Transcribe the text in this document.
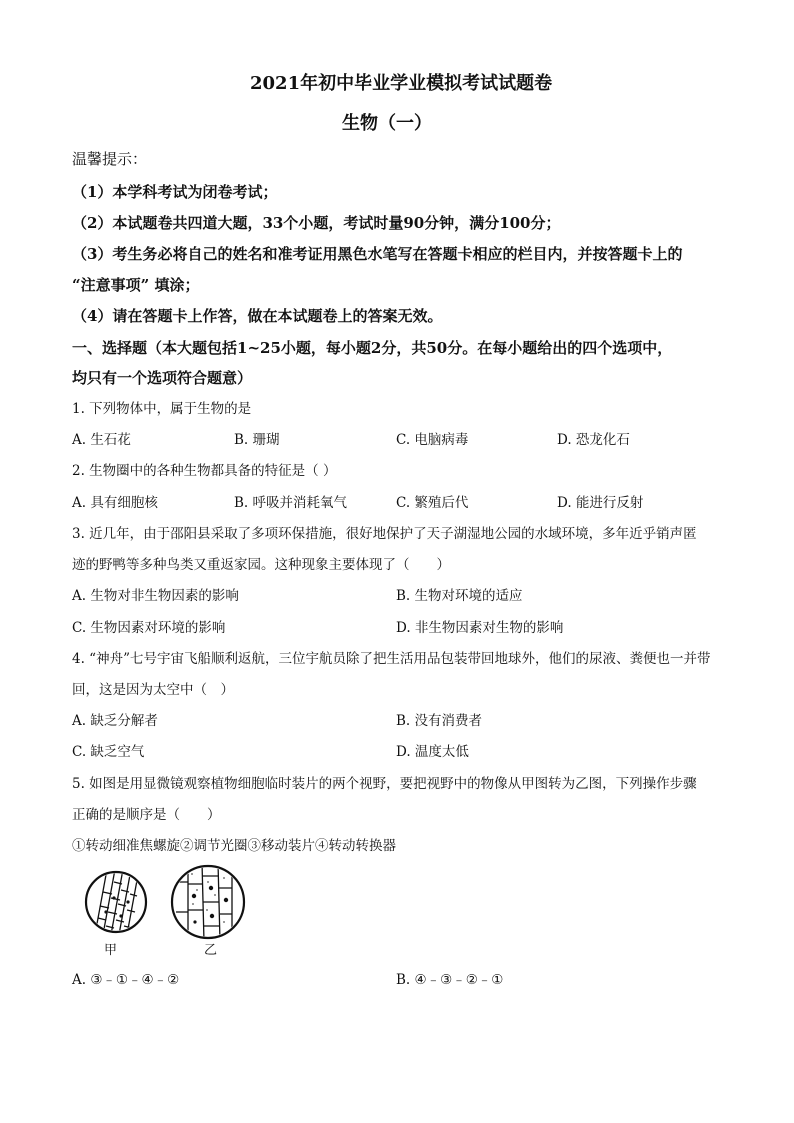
2021年初中毕业学业模拟考试试题卷
生物（一）
温馨提示：
（1）本学科考试为闭卷考试；
（2）本试题卷共四道大题，33个小题，考试时量90分钟，满分100分；
（3）考生务必将自己的姓名和准考证用黑色水笔写在答题卡相应的栏目内，并按答题卡上的
“注意事项” 填涂；
（4）请在答题卡上作答，做在本试题卷上的答案无效。
一、选择题（本大题包括1~25小题，每小题2分，共50分。在每小题给出的四个选项中，
均只有一个选项符合题意）
1. 下列物体中，属于生物的是
A. 生石花	B. 珊瑚	C. 电脑病毒	D. 恐龙化石
2. 生物圈中的各种生物都具备的特征是（ ）
A. 具有细胞核	B. 呼吸并消耗氧气	C. 繁殖后代	D. 能进行反射
3. 近几年，由于邵阳县采取了多项环保措施，很好地保护了天子湖湿地公园的水域环境，多年近乎销声匿
迹的野鸭等多种鸟类又重返家园。这种现象主要体现了（　　）
A. 生物对非生物因素的影响	B. 生物对环境的适应
C. 生物因素对环境的影响	D. 非生物因素对生物的影响
4. “神舟”七号宇宙飞船顺利返航，三位宇航员除了把生活用品包装带回地球外，他们的尿液、粪便也一并带
回，这是因为太空中（　）
A. 缺乏分解者	B. 没有消费者
C. 缺乏空气	D. 温度太低
5. 如图是用显微镜观察植物细胞临时装片的两个视野，要把视野中的物像从甲图转为乙图，下列操作步骤
正确的是顺序是（　　）
①转动细准焦螺旋②调节光圈③移动装片④转动转换器
甲	乙
A. ③﹣①﹣④﹣②	B. ④﹣③﹣②﹣①
